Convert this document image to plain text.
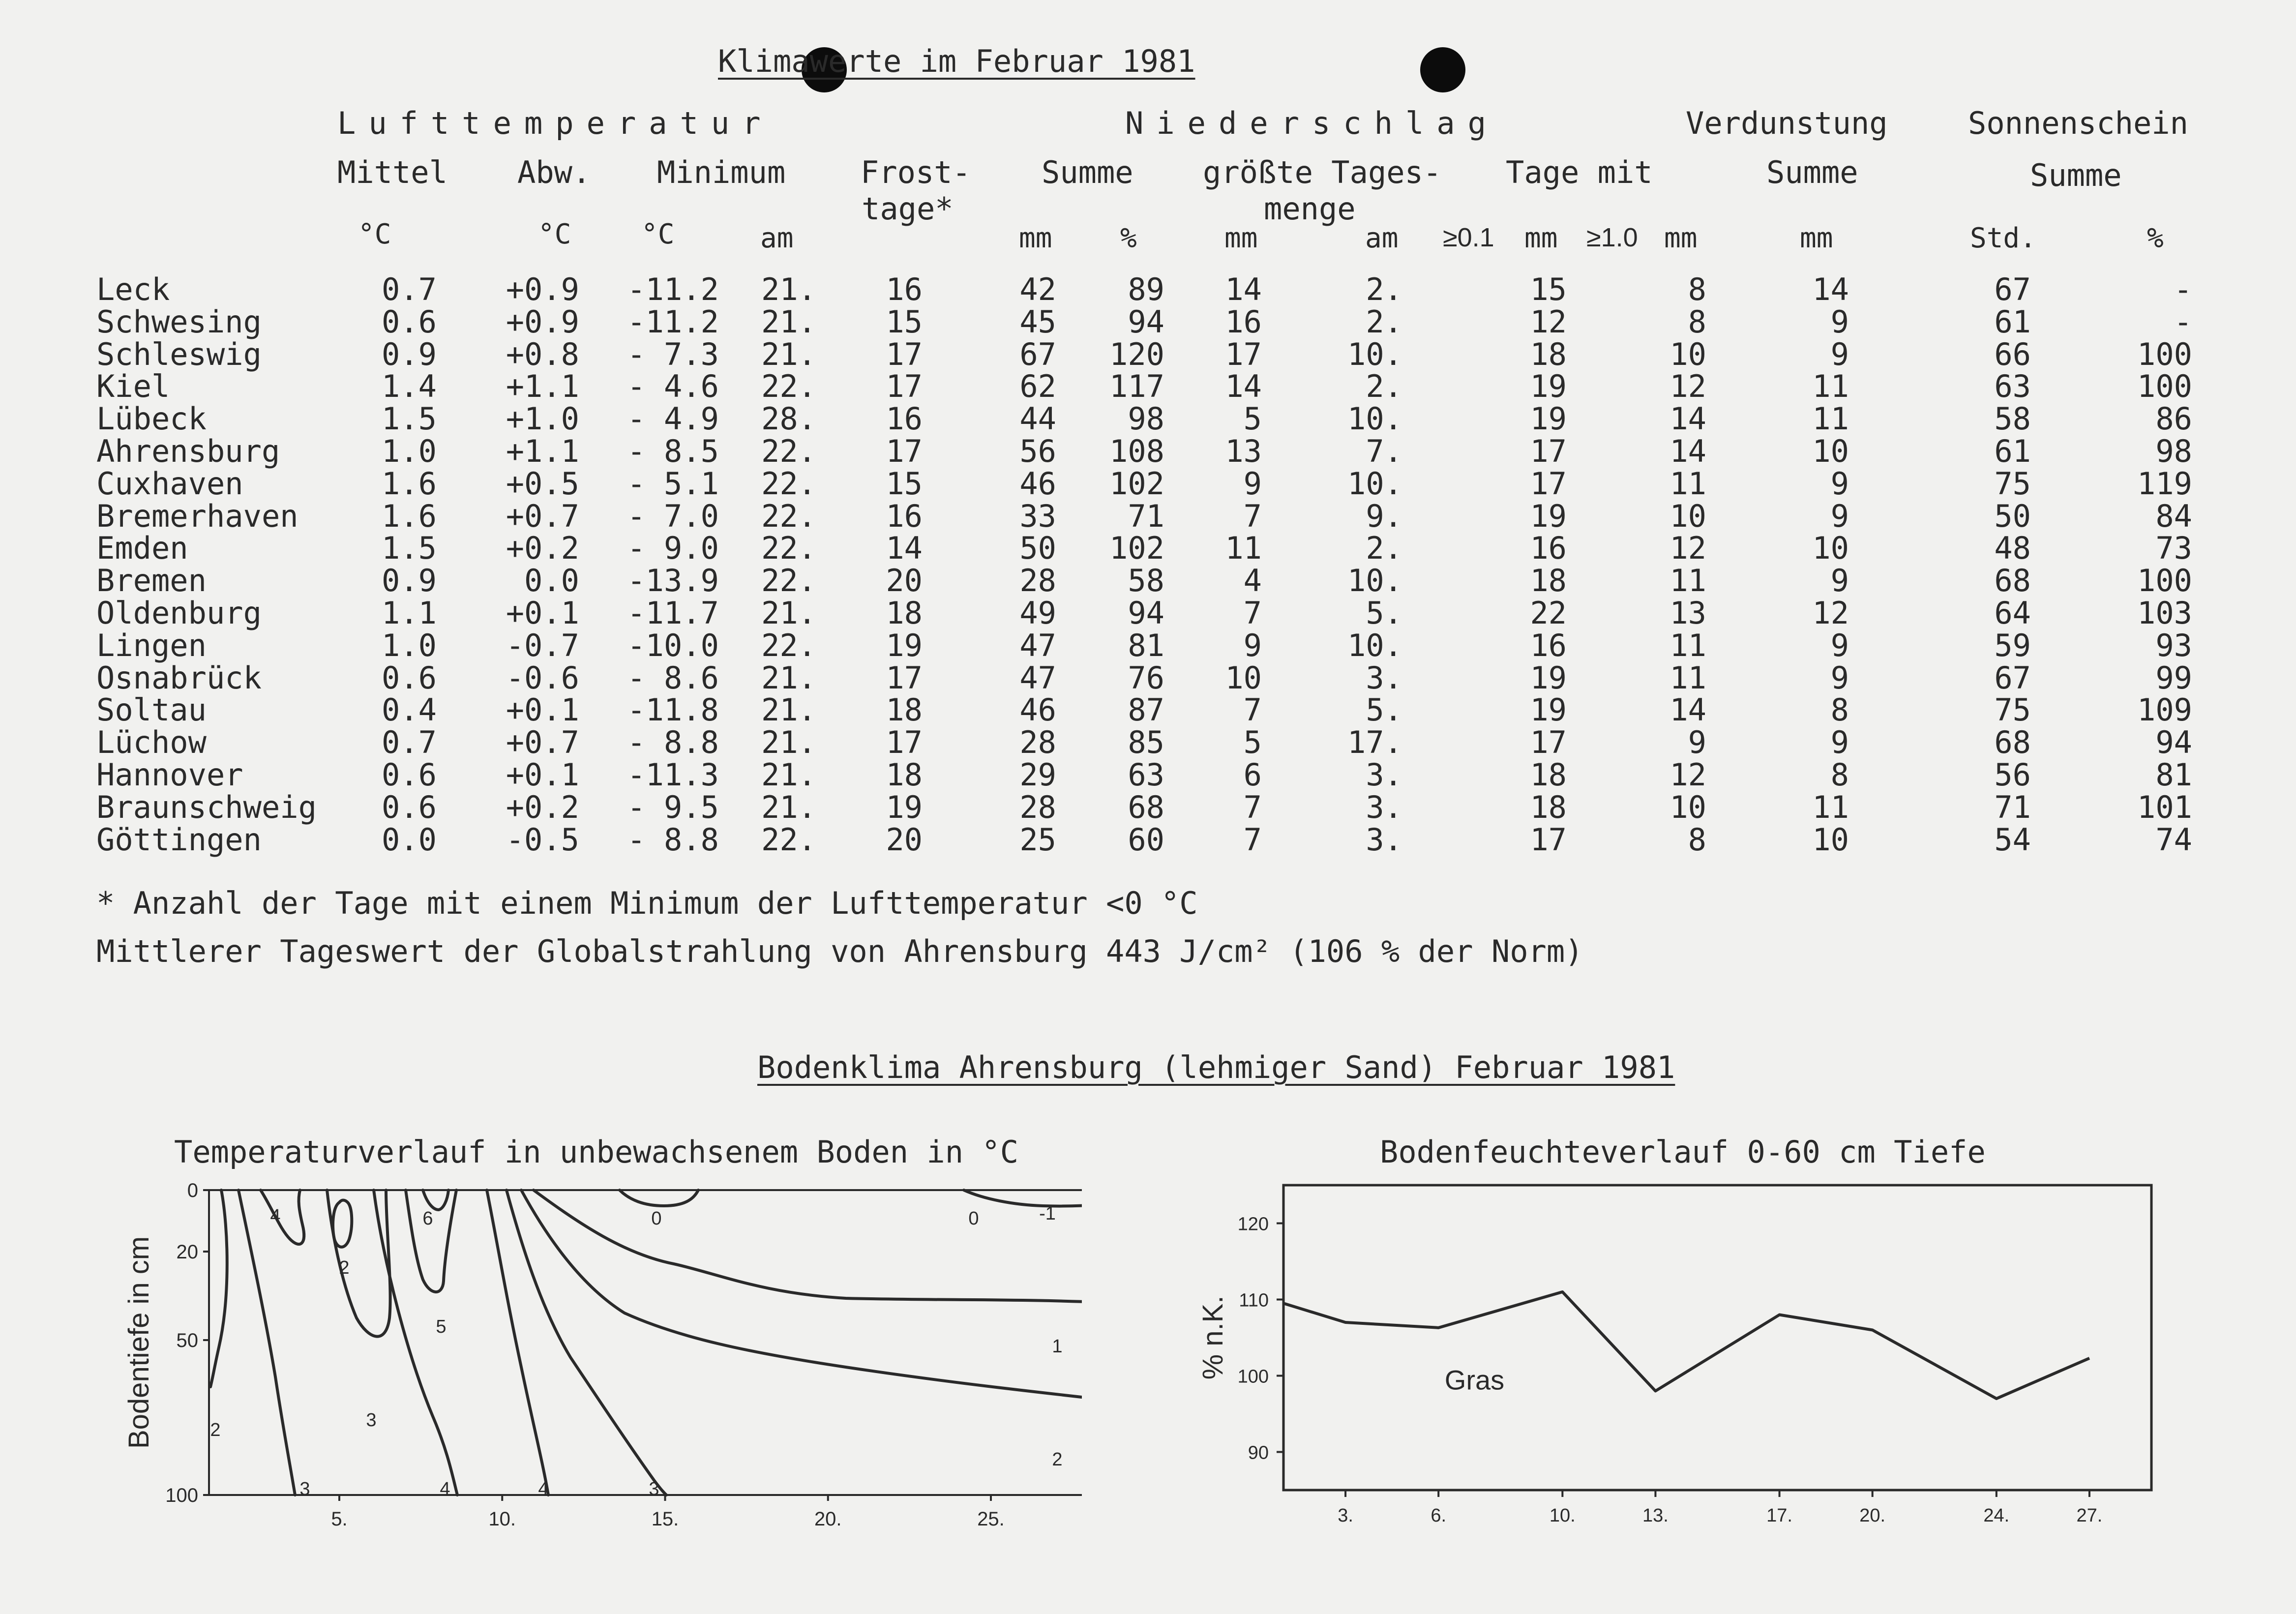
Klimawerte im Februar 1981
Lufttemperatur	Niederschlag	Verdunstung	Sonnenschein
Mittel Abw. Minimum Frost-
tage*
Summe größte Tages-
menge
Tage mit	Summe	Summe
°C	°C	°C	am	mm %	mm	am ≥0.1 mm ≥1.0 mm	mm	Std.	%
Leck	0.7 +0.9 -11.2 21. 16	42 89 14	2.	15	8	14	67	-
Schwesing	0.6 +0.9 -11.2 21. 15	45 94 16	2.	12	8	9	61	-
Schleswig	0.9 +0.8 - 7.3 21. 17	67 120 17	10.	18	10	9	66	100
Kiel	1.4 +1.1 - 4.6 22. 17	62 117 14	2.	19	12	11	63	100
Lübeck	1.5 +1.0 - 4.9 28. 16	44 98	5	10.	19	14	11	58	86
Ahrensburg	1.0 +1.1 - 8.5 22. 17	56 108 13	7.	17	14	10	61	98
Cuxhaven	1.6 +0.5 - 5.1 22. 15	46 102	9	10.	17	11	9	75	119
Bremerhaven	1.6 +0.7 - 7.0 22. 16	33 71	7	9.	19	10	9	50	84
Emden	1.5 +0.2 - 9.0 22. 14	50 102 11	2.	16	12	10	48	73
Bremen	0.9	0.0 -13.9 22. 20	28 58	4	10.	18	11	9	68	100
Oldenburg	1.1 +0.1 -11.7 21. 18	49 94	7	5.	22	13	12	64	103
Lingen	1.0 -0.7 -10.0 22. 19	47 81	9	10.	16	11	9	59	93
Osnabrück	0.6 -0.6 - 8.6 21. 17	47 76 10	3.	19	11	9	67	99
Soltau	0.4 +0.1 -11.8 21. 18	46 87	7	5.	19	14	8	75	109
Lüchow	0.7 +0.7 - 8.8 21. 17	28 85	5	17.	17	9	9	68	94
Hannover	0.6 +0.1 -11.3 21. 18	29 63	6	3.	18	12	8	56	81
Braunschweig 0.6 +0.2 - 9.5 21. 19	28 68	7	3.	18	10	11	71	101
Göttingen	0.0 -0.5 - 8.8 22. 20	25 60	7	3.	17	8	10	54	74
* Anzahl der Tage mit einem Minimum der Lufttemperatur <0 °C
Mittlerer Tageswert der Globalstrahlung von Ahrensburg 443 J/cm² (106 % der Norm)
Bodenklima Ahrensburg (lehmiger Sand) Februar 1981
Temperaturverlauf in unbewachsenem Boden in °C	Bodenfeuchteverlauf 0-60 cm Tiefe
0
20
50
100
5.	10.	15.	20.	25.
Bodentiefe in cm
4
2
6	0	0	-1
1
2
3
5
2
3	4	4	3
90
100
110
120
3.	6.	10.	13.	17.	20.	24.	27.
% n.K.
Gras
